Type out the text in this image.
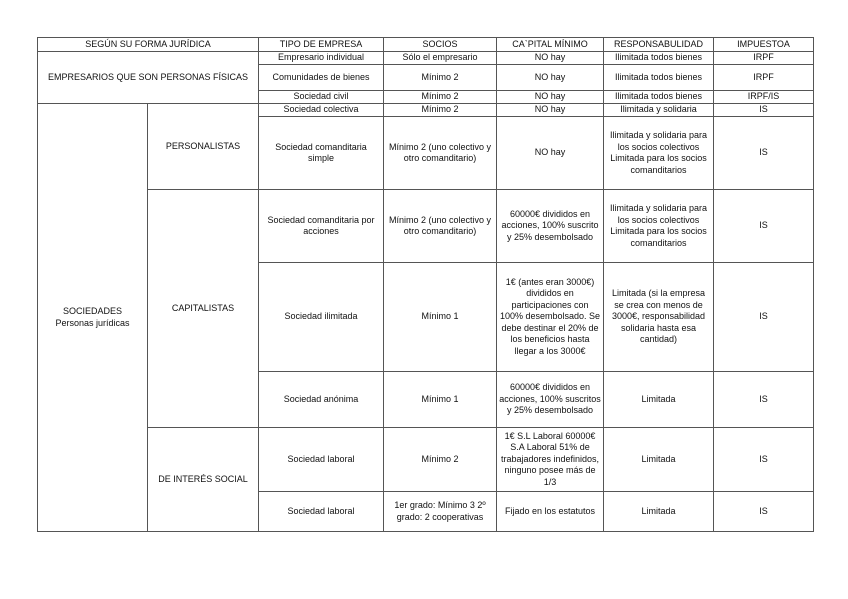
SEGÚN SU FORMA JURÍDICA		TIPO DE EMPRESA	SOCIOS	CA`PITAL MÍNIMO	RESPONSABULIDAD	IMPUESTOA
EMPRESARIOS QUE SON PERSONAS FÍSICAS		Empresario individual	Sólo el empresario	NO hay	Ilimitada todos bienes	IRPF
		Comunidades de bienes	Mínimo 2	NO hay	Ilimitada todos bienes	IRPF
		Sociedad civil	Mínimo 2	NO hay	Ilimitada todos bienes	IRPF/IS

SOCIEDADES
Personas jurídicas	PERSONALISTAS	Sociedad colectiva	Mínimo 2	NO hay	Ilimitada y solidaria	IS
		Sociedad comanditaria simple	Mínimo 2 (uno colectivo y otro comanditario)	NO hay	Ilimitada y solidaria para los socios colectivos Limitada para los socios comanditarios	IS
	CAPITALISTAS	Sociedad comanditaria por acciones	Mínimo 2 (uno colectivo y otro comanditario)	60000€ divididos en acciones, 100% suscrito y 25% desembolsado	Ilimitada y solidaria para los socios colectivos Limitada para los socios comanditarios	IS
		Sociedad ilimitada	Mínimo 1	1€ (antes eran 3000€) divididos en participaciones con 100% desembolsado. Se debe destinar el 20% de los beneficios hasta llegar a los 3000€	Limitada (si la empresa se crea con menos de 3000€, responsabilidad solidaria hasta esa cantidad)	IS
		Sociedad anónima	Mínimo 1	60000€ divididos en acciones, 100% suscritos y 25% desembolsado	Limitada	IS
	DE INTERÉS SOCIAL	Sociedad laboral	Mínimo 2	1€ S.L Laboral 60000€ S.A Laboral 51% de trabajadores indefinidos, ninguno posee más de 1/3	Limitada	IS
		Sociedad laboral	1er grado: Mínimo 3 2º grado: 2 cooperativas	Fijado en los estatutos	Limitada	IS
